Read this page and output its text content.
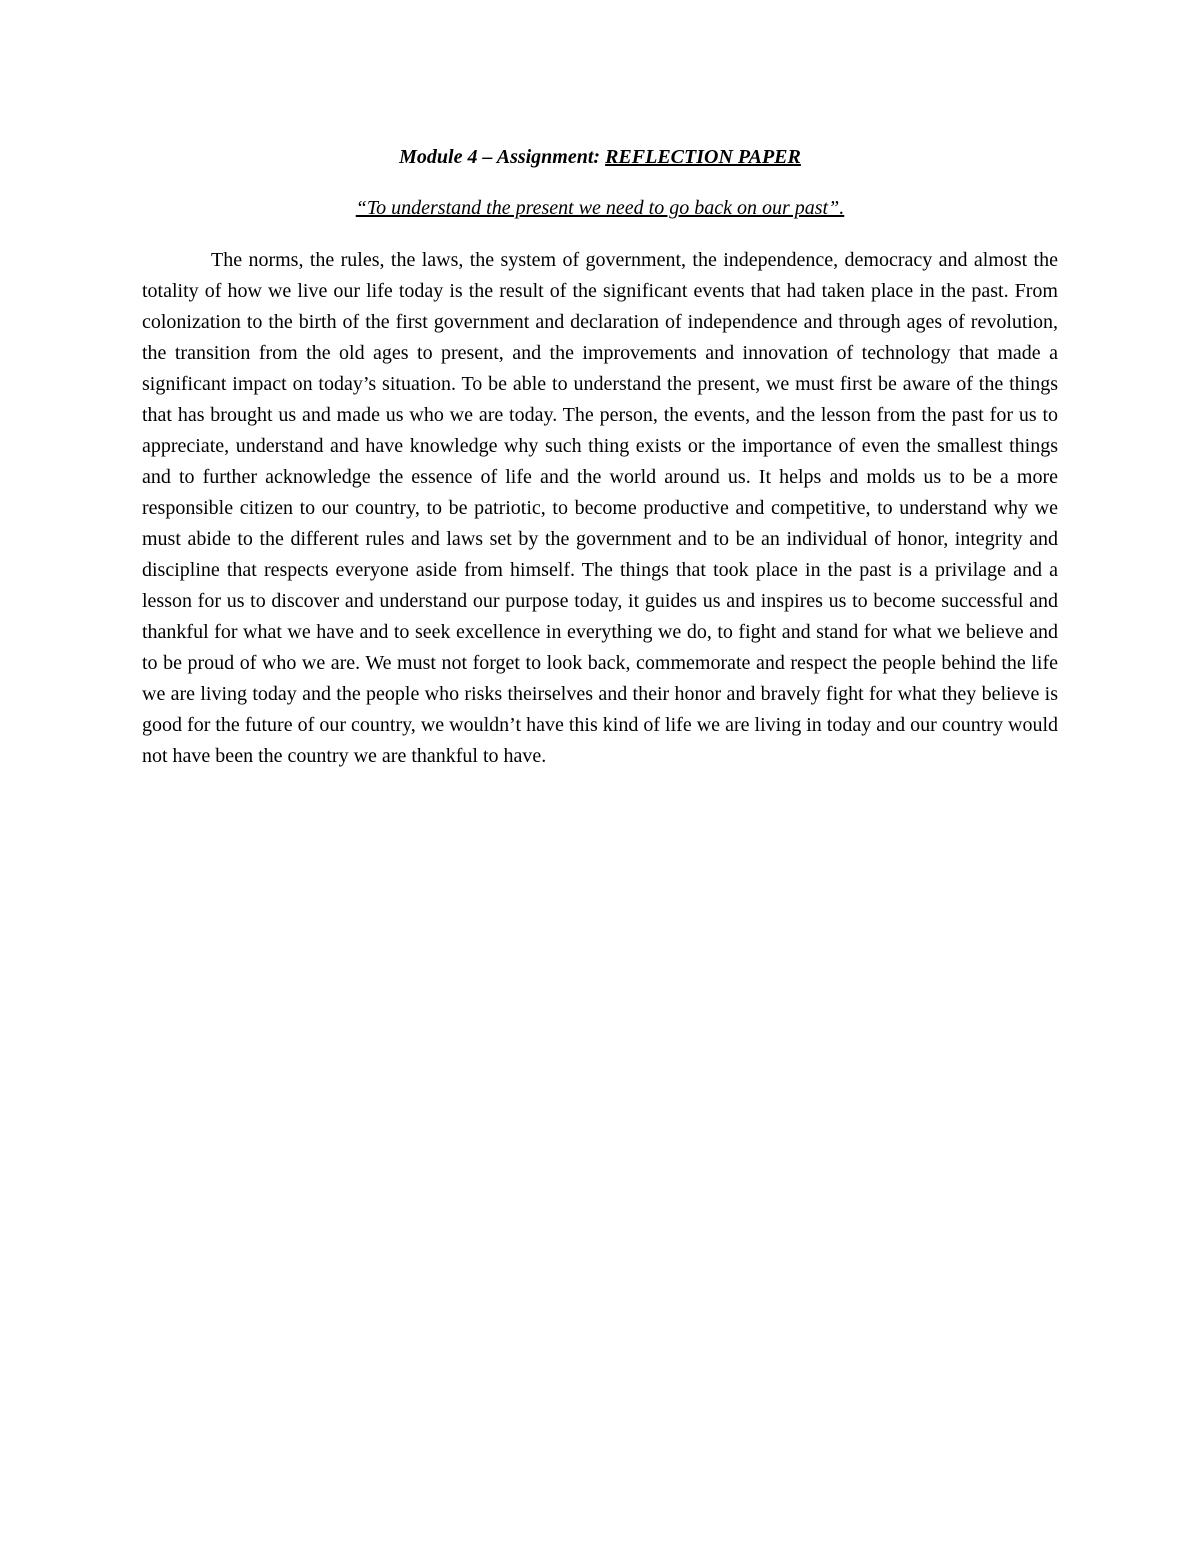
Module 4 – Assignment: REFLECTION PAPER
“To understand the present we need to go back on our past”.

The norms, the rules, the laws, the system of government, the independence, democracy and almost the totality of how we live our life today is the result of the significant events that had taken place in the past. From colonization to the birth of the first government and declaration of independence and through ages of revolution, the transition from the old ages to present, and the improvements and innovation of technology that made a significant impact on today’s situation. To be able to understand the present, we must first be aware of the things that has brought us and made us who we are today. The person, the events, and the lesson from the past for us to appreciate, understand and have knowledge why such thing exists or the importance of even the smallest things and to further acknowledge the essence of life and the world around us. It helps and molds us to be a more responsible citizen to our country, to be patriotic, to become productive and competitive, to understand why we must abide to the different rules and laws set by the government and to be an individual of honor, integrity and discipline that respects everyone aside from himself. The things that took place in the past is a privilage and a lesson for us to discover and understand our purpose today, it guides us and inspires us to become successful and thankful for what we have and to seek excellence in everything we do, to fight and stand for what we believe and to be proud of who we are. We must not forget to look back, commemorate and respect the people behind the life we are living today and the people who risks theirselves and their honor and bravely fight for what they believe is good for the future of our country, we wouldn’t have this kind of life we are living in today and our country would not have been the country we are thankful to have.
